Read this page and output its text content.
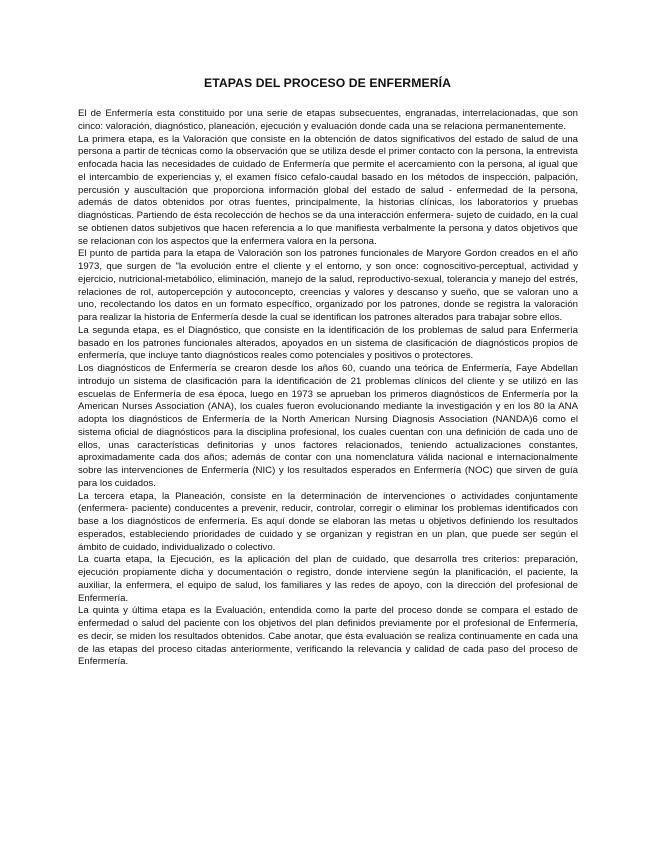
ETAPAS DEL PROCESO DE ENFERMERÍA

El de Enfermería esta constituido por una serie de etapas subsecuentes, engranadas, interrelacionadas, que son cinco: valoración, diagnóstico, planeación, ejecución y evaluación donde cada una se relaciona permanentemente.

La primera etapa, es la Valoración que consiste en la obtención de datos significativos del estado de salud de una persona a partir de técnicas como la observación que se utiliza desde el primer contacto con la persona, la entrevista enfocada hacia las necesidades de cuidado de Enfermería que permite el acercamiento con la persona, al igual que el intercambio de experiencias y, el examen físico cefalo-caudal basado en los métodos de inspección, palpación, percusión y auscultación que proporciona información global del estado de salud - enfermedad de la persona, además de datos obtenidos por otras fuentes, principalmente, la historias clínicas, los laboratorios y pruebas diagnósticas. Partiendo de ésta recolección de hechos se da una interacción enfermera- sujeto de cuidado, en la cual se obtienen datos subjetivos que hacen referencia a lo que manifiesta verbalmente la persona y datos objetivos que se relacionan con los aspectos que la enfermera valora en la persona.

El punto de partida para la etapa de Valoración son los patrones funcionales de Maryore Gordon creados en el año 1973, que surgen de "la evolución entre el cliente y el entorno, y son once: cognoscitivo-perceptual, actividad y ejercicio, nutricional-metabólico, eliminación, manejo de la salud, reproductivo-sexual, tolerancia y manejo del estrés, relaciones de rol, autopercepción y autoconcepto, creencias y valores y descanso y sueño, que se valoran uno a uno, recolectando los datos en un formato específico, organizado por los patrones, donde se registra la valoración para realizar la historia de Enfermería desde la cual se identifican los patrones alterados para trabajar sobre ellos.

La segunda etapa, es el Diagnóstico, que consiste en la identificación de los problemas de salud para Enfermería basado en los patrones funcionales alterados, apoyados en un sistema de clasificación de diagnósticos propios de enfermería, que incluye tanto diagnósticos reales como potenciales y positivos o protectores.

Los diagnósticos de Enfermería se crearon desde los años 60, cuando una teórica de Enfermería, Faye Abdellan introdujo un sistema de clasificación para la identificación de 21 problemas clínicos del cliente y se utilizó en las escuelas de Enfermería de esa época, luego en 1973 se aprueban los primeros diagnósticos de Enfermería por la American Nurses Association (ANA), los cuales fueron evolucionando mediante la investigación y en los 80 la ANA adopta los diagnósticos de Enfermería de la North American Nursing Diagnosis Association (NANDA)6 como el sistema oficial de diagnósticos para la disciplina profesional, los cuales cuentan con una definición de cada uno de ellos, unas características definitorias y unos factores relacionados, teniendo actualizaciones constantes, aproximadamente cada dos años; además de contar con una nomenclatura válida nacional e internacionalmente sobre las intervenciones de Enfermería (NIC) y los resultados esperados en Enfermería (NOC) que sirven de guía para los cuidados.

La tercera etapa, la Planeación, consiste en la determinación de intervenciones o actividades conjuntamente (enfermera- paciente) conducentes a prevenir, reducir, controlar, corregir o eliminar los problemas identificados con base a los diagnósticos de enfermería. Es aquí donde se elaboran las metas u objetivos definiendo los resultados esperados, estableciendo prioridades de cuidado y se organizan y registran en un plan, que puede ser según el ámbito de cuidado, individualizado o colectivo.

La cuarta etapa, la Ejecución, es la aplicación del plan de cuidado, que desarrolla tres criterios: preparación, ejecución propiamente dicha y documentación o registro, donde interviene según la planificación, el paciente, la auxiliar, la enfermera, el equipo de salud, los familiares y las redes de apoyo, con la dirección del profesional de Enfermería.

La quinta y última etapa es la Evaluación, entendida como la parte del proceso donde se compara el estado de enfermedad o salud del paciente con los objetivos del plan definidos previamente por el profesional de Enfermería, es decir, se miden los resultados obtenidos. Cabe anotar, que ésta evaluación se realiza continuamente en cada una de las etapas del proceso citadas anteriormente, verificando la relevancia y calidad de cada paso del proceso de Enfermería.
